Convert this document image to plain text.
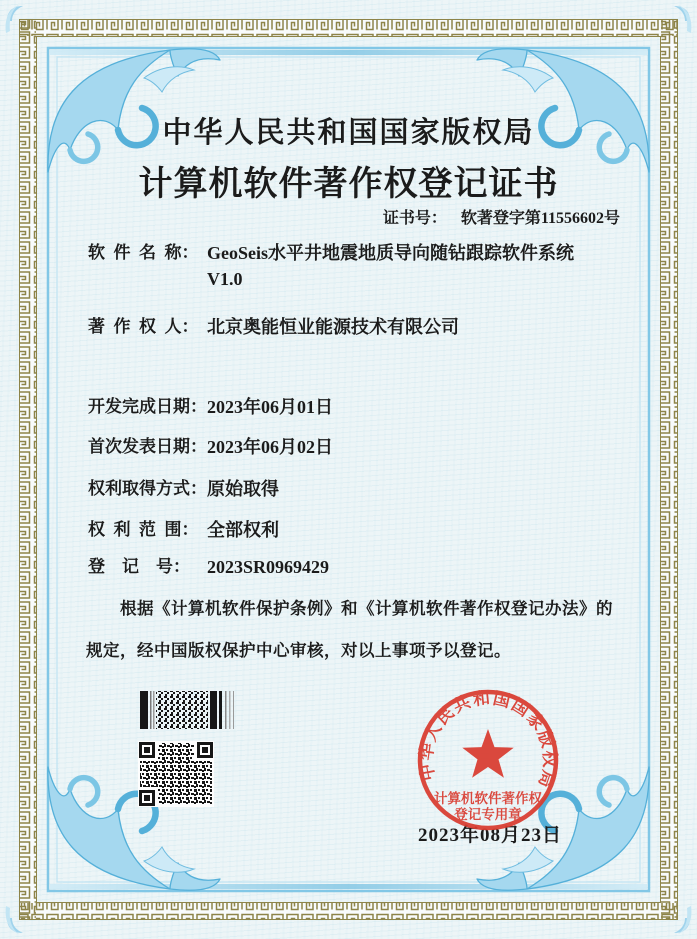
中华人民共和国国家版权局
计算机软件著作权登记证书
证书号： 软著登字第11556602号
软  件  名  称： GeoSeis水平井地震地质导向随钻跟踪软件系统
V1.0
著  作  权  人： 北京奥能恒业能源技术有限公司
开发完成日期： 2023年06月01日
首次发表日期： 2023年06月02日
权利取得方式： 原始取得
权  利  范  围： 全部权利
登　记　号： 2023SR0969429

根据《计算机软件保护条例》和《计算机软件著作权登记办法》的规定，经中国版权保护中心审核，对以上事项予以登记。

2023年08月23日
中华人民共和国国家版权局
计算机软件著作权
登记专用章
